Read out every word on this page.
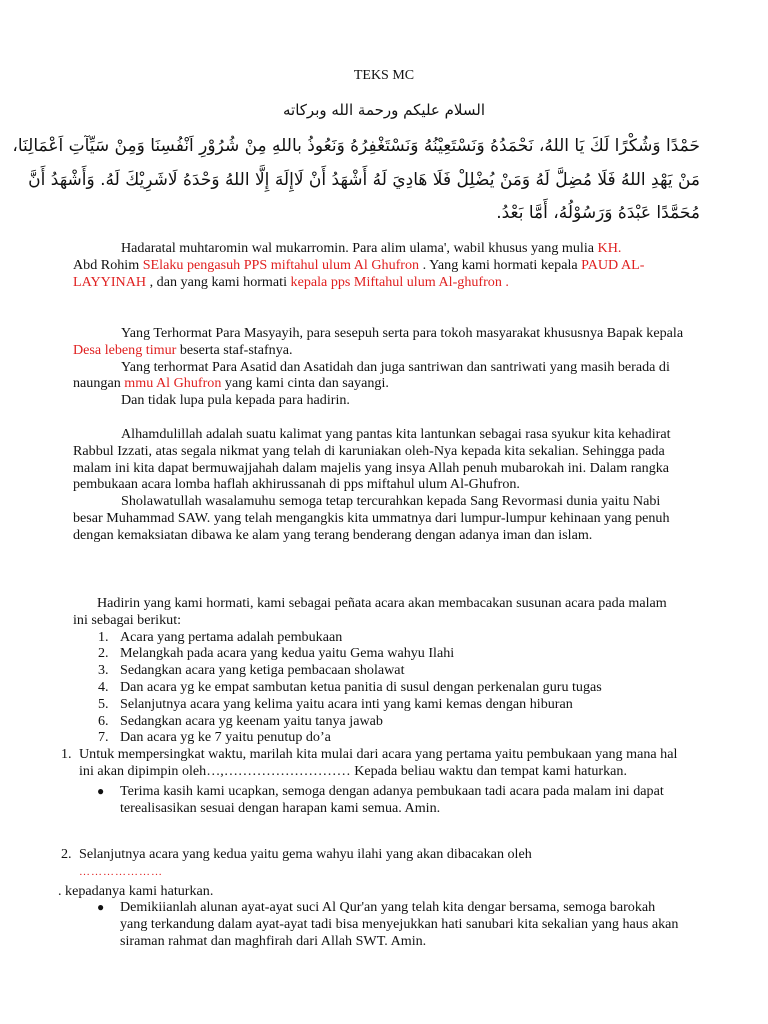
TEKS MC
السلام عليكم ورحمة الله وبركاته
حَمْدًا وَشُكْرًا لَكَ يَا اللهُ، نَحْمَدُهُ وَنَسْتَعِيْنُهُ وَنَسْتَغْفِرُهُ وَنَعُوذُ باللهِ مِنْ شُرُوْرِ اَنْفُسِنَا وَمِنْ سَيِّآتِ اَعْمَالِنَا،
مَنْ يَهْدِ اللهُ فَلَا مُضِلَّ لَهُ وَمَنْ يُضْلِلْ فَلَا هَادِيَ لَهُ أَشْهَدُ أَنْ لَاإِلَهَ إِلَّا اللهُ وَحْدَهُ لَاشَرِيْكَ لَهُ. وَأَشْهَدُ أَنَّ
مُحَمَّدًا عَبْدَهُ وَرَسُوْلُهُ، أَمَّا بَعْدُ.

Hadaratal muhtaromin wal mukarromin. Para alim ulama', wabil khusus yang mulia KH.
Abd Rohim SElaku pengasuh PPS miftahul ulum Al Ghufron . Yang kami hormati kepala PAUD AL-LAYYINAH , dan yang kami hormati kepala pps Miftahul ulum Al-ghufron .

Yang Terhormat Para Masyayih, para sesepuh serta para tokoh masyarakat khususnya Bapak kepala Desa lebeng timur beserta staf-stafnya.

Yang terhormat Para Asatid dan Asatidah dan juga santriwan dan santriwati yang masih berada di naungan mmu Al Ghufron yang kami cinta dan sayangi.

Dan tidak lupa pula kepada para hadirin.

Alhamdulillah adalah suatu kalimat yang pantas kita lantunkan sebagai rasa syukur kita kehadirat Rabbul Izzati, atas segala nikmat yang telah di karuniakan oleh-Nya kepada kita sekalian. Sehingga pada malam ini kita dapat bermuwajjahah dalam majelis yang insya Allah penuh mubarokah ini. Dalam rangka pembukaan acara lomba haflah akhirussanah di pps miftahul ulum Al-Ghufron.

Sholawatullah wasalamuhu semoga tetap tercurahkan kepada Sang Revormasi dunia yaitu Nabi besar Muhammad SAW. yang telah mengangkis kita ummatnya dari lumpur-lumpur kehinaan yang penuh dengan kemaksiatan dibawa ke alam yang terang benderang dengan adanya iman dan islam.

Hadirin yang kami hormati, kami sebagai peñata acara akan membacakan susunan acara pada malam ini sebagai berikut:

1. Acara yang pertama adalah pembukaan
2. Melangkah pada acara yang kedua yaitu Gema wahyu Ilahi
3. Sedangkan acara yang ketiga pembacaan sholawat
4. Dan acara yg ke empat sambutan ketua panitia di susul dengan perkenalan guru tugas
5. Selanjutnya acara yang kelima yaitu acara inti yang kami kemas dengan hiburan
6. Sedangkan acara yg keenam yaitu tanya jawab
7. Dan acara yg ke 7 yaitu penutup do’a
1. Untuk mempersingkat waktu, marilah kita mulai dari acara yang pertama yaitu pembukaan yang mana hal ini akan dipimpin oleh…,……………………… Kepada beliau waktu dan tempat kami haturkan.
● Terima kasih kami ucapkan, semoga dengan adanya pembukaan tadi acara pada malam ini dapat terealisasikan sesuai dengan harapan kami semua. Amin.
2. Selanjutnya acara yang kedua yaitu gema wahyu ilahi yang akan dibacakan oleh
…………………

. kepadanya kami haturkan.

● Demikiianlah alunan ayat-ayat suci Al Qur'an yang telah kita dengar bersama, semoga barokah yang terkandung dalam ayat-ayat tadi bisa menyejukkan hati sanubari kita sekalian yang haus akan siraman rahmat dan maghfirah dari Allah SWT. Amin.
